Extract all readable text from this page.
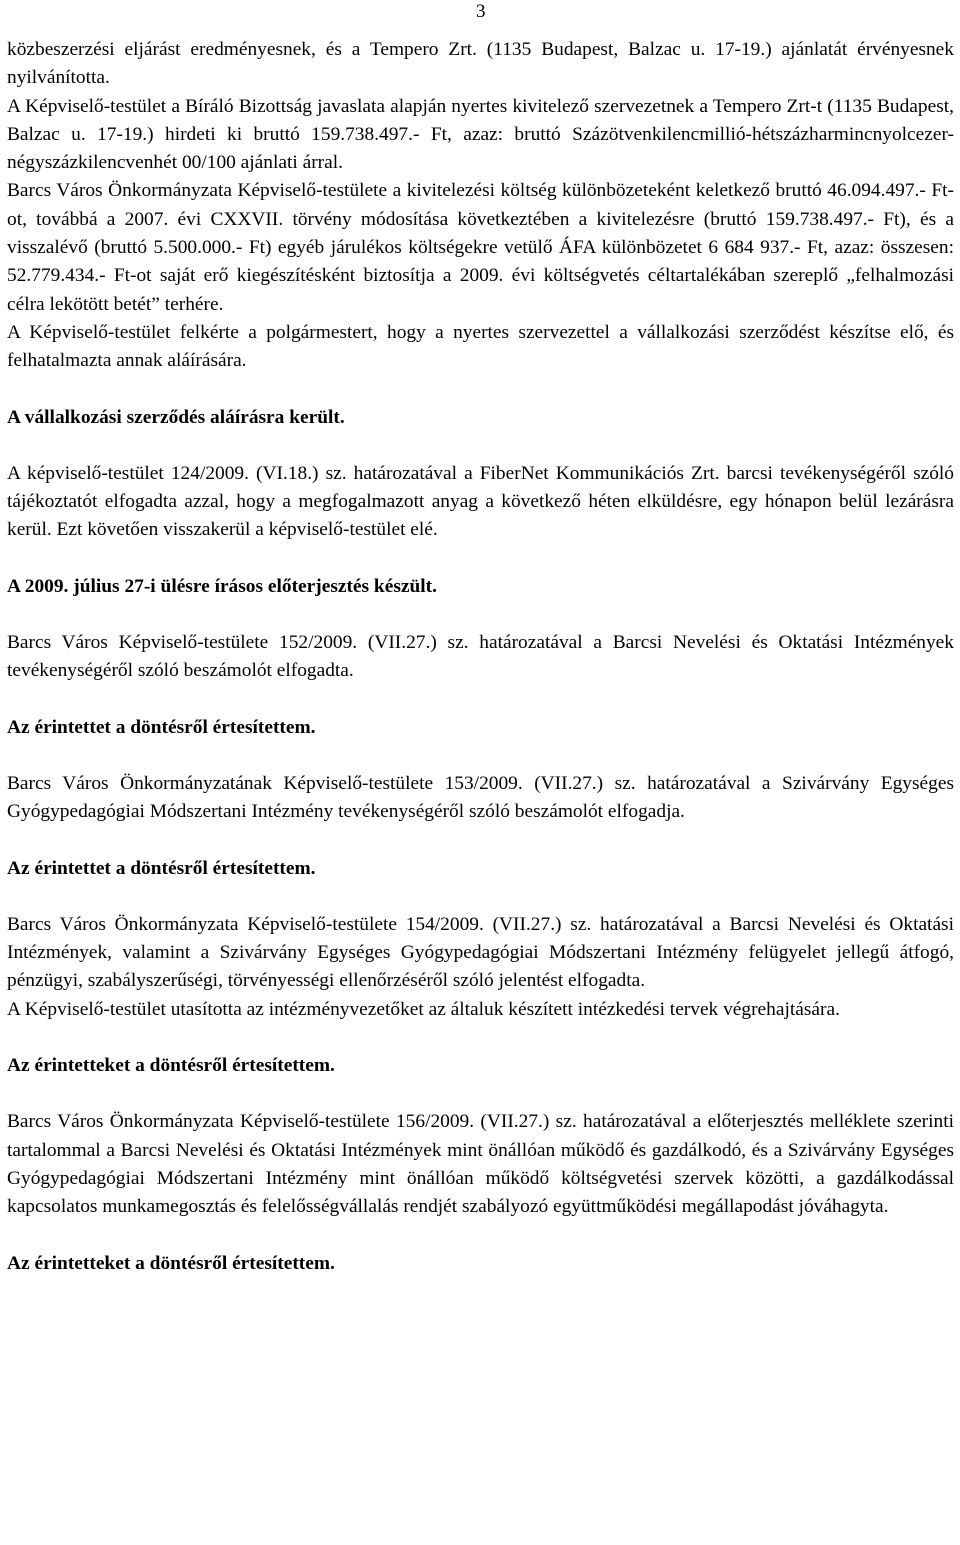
3

közbeszerzési eljárást eredményesnek, és a Tempero Zrt. (1135 Budapest, Balzac u. 17-19.) ajánlatát érvényesnek nyilvánította.

A Képviselő-testület a Bíráló Bizottság javaslata alapján nyertes kivitelező szervezetnek a Tempero Zrt-t (1135 Budapest, Balzac u. 17-19.) hirdeti ki bruttó 159.738.497.- Ft, azaz: bruttó Százötvenkilencmillió-hétszázharmincnyolcezer-négyszázkilencvenhét 00/100 ajánlati árral.

Barcs Város Önkormányzata Képviselő-testülete a kivitelezési költség különbözeteként keletkező bruttó 46.094.497.- Ft-ot, továbbá a 2007. évi CXXVII. törvény módosítása következtében a kivitelezésre (bruttó 159.738.497.- Ft), és a visszalévő (bruttó 5.500.000.- Ft) egyéb járulékos költségekre vetülő ÁFA különbözetet 6 684 937.- Ft, azaz: összesen: 52.779.434.- Ft-ot saját erő kiegészítésként biztosítja a 2009. évi költségvetés céltartalékában szereplő „felhalmozási célra lekötött betét” terhére.

A Képviselő-testület felkérte a polgármestert, hogy a nyertes szervezettel a vállalkozási szerződést készítse elő, és felhatalmazta annak aláírására.

A vállalkozási szerződés aláírásra került.

A képviselő-testület 124/2009. (VI.18.) sz. határozatával a FiberNet Kommunikációs Zrt. barcsi tevékenységéről szóló tájékoztatót elfogadta azzal, hogy a megfogalmazott anyag a következő héten elküldésre, egy hónapon belül lezárásra kerül. Ezt követően visszakerül a képviselő-testület elé.

A 2009. július 27-i ülésre írásos előterjesztés készült.

Barcs Város Képviselő-testülete 152/2009. (VII.27.) sz. határozatával a Barcsi Nevelési és Oktatási Intézmények tevékenységéről szóló beszámolót elfogadta.

Az érintettet a döntésről értesítettem.

Barcs Város Önkormányzatának Képviselő-testülete 153/2009. (VII.27.) sz. határozatával a Szivárvány Egységes Gyógypedagógiai Módszertani Intézmény tevékenységéről szóló beszámolót elfogadja.

Az érintettet a döntésről értesítettem.

Barcs Város Önkormányzata Képviselő-testülete 154/2009. (VII.27.) sz. határozatával a Barcsi Nevelési és Oktatási Intézmények, valamint a Szivárvány Egységes Gyógypedagógiai Módszertani Intézmény felügyelet jellegű átfogó, pénzügyi, szabályszerűségi, törvényességi ellenőrzéséről szóló jelentést elfogadta.

A Képviselő-testület utasította az intézményvezetőket az általuk készített intézkedési tervek végrehajtására.

Az érintetteket a döntésről értesítettem.

Barcs Város Önkormányzata Képviselő-testülete 156/2009. (VII.27.) sz. határozatával a előterjesztés melléklete szerinti tartalommal a Barcsi Nevelési és Oktatási Intézmények mint önállóan működő és gazdálkodó, és a Szivárvány Egységes Gyógypedagógiai Módszertani Intézmény mint önállóan működő költségvetési szervek közötti, a gazdálkodással kapcsolatos munkamegosztás és felelősségvállalás rendjét szabályozó együttműködési megállapodást jóváhagyta.

Az érintetteket a döntésről értesítettem.
